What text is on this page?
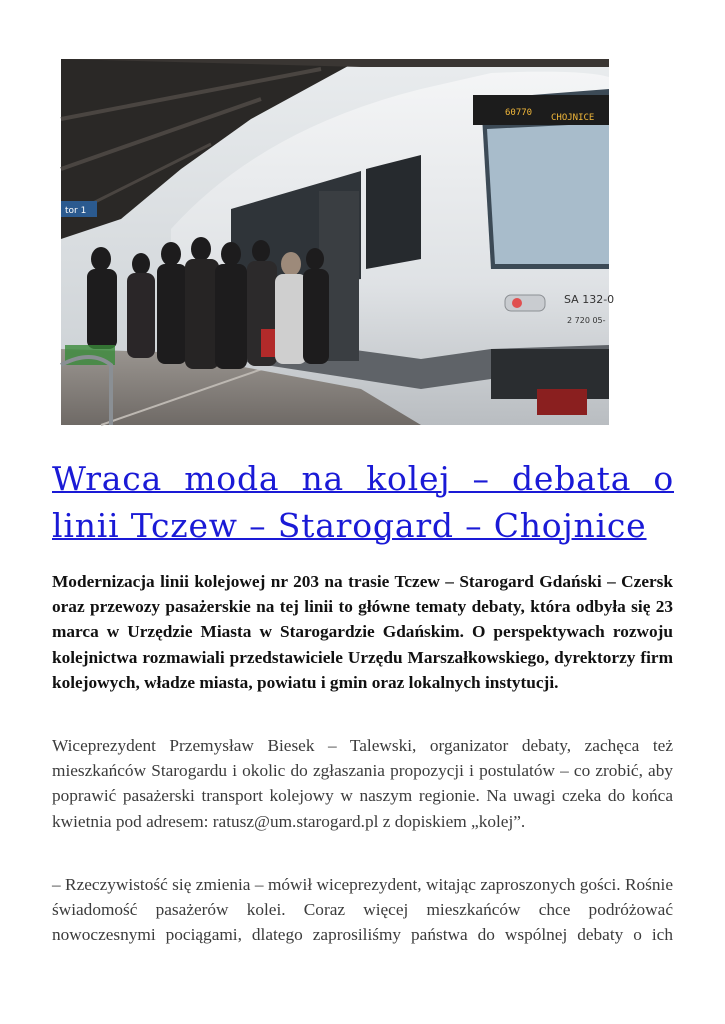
tor 1
60770 CHOJNICE
SA 132-0
2 720 05-
Wraca moda na kolej – debata o linii Tczew – Starogard – Chojnice

Modernizacja linii kolejowej nr 203 na trasie Tczew – Starogard Gdański – Czersk oraz przewozy pasażerskie na tej linii to główne tematy debaty, która odbyła się 23 marca w Urzędzie Miasta w Starogardzie Gdańskim. O perspektywach rozwoju kolejnictwa rozmawiali przedstawiciele Urzędu Marszałkowskiego, dyrektorzy firm kolejowych, władze miasta, powiatu i gmin oraz lokalnych instytucji.

Wiceprezydent Przemysław Biesek – Talewski, organizator debaty, zachęca też mieszkańców Starogardu i okolic do zgłaszania propozycji i postulatów – co zrobić, aby poprawić pasażerski transport kolejowy w naszym regionie. Na uwagi czeka do końca kwietnia pod adresem: ratusz@um.starogard.pl z dopiskiem „kolej”.

– Rzeczywistość się zmienia – mówił wiceprezydent, witając zaproszonych gości. Rośnie świadomość pasażerów kolei. Coraz więcej mieszkańców chce podróżować nowoczesnymi pociągami, dlatego zaprosiliśmy państwa do wspólnej debaty o ich
